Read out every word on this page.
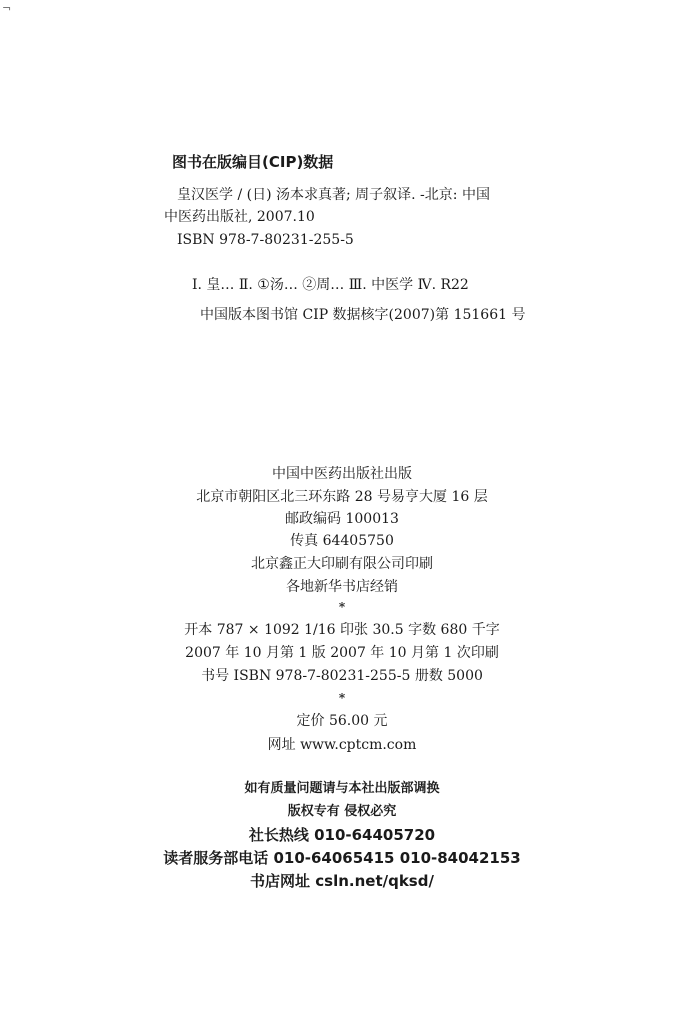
¬
图书在版编目(CIP)数据
皇汉医学 / (日) 汤本求真著; 周子叙译. -北京: 中国
中医药出版社, 2007.10
ISBN 978-7-80231-255-5
Ⅰ. 皇… Ⅱ. ①汤… ②周… Ⅲ. 中医学 Ⅳ. R22
中国版本图书馆 CIP 数据核字(2007)第 151661 号
中国中医药出版社出版
北京市朝阳区北三环东路 28 号易亨大厦 16 层
邮政编码 100013
传真 64405750
北京鑫正大印刷有限公司印刷
各地新华书店经销
*
开本 787 × 1092 1/16 印张 30.5 字数 680 千字
2007 年 10 月第 1 版 2007 年 10 月第 1 次印刷
书号 ISBN 978-7-80231-255-5 册数 5000
*
定价 56.00 元
网址 www.cptcm.com
如有质量问题请与本社出版部调换
版权专有 侵权必究
社长热线 010-64405720
读者服务部电话 010-64065415 010-84042153
书店网址 csln.net/qksd/
